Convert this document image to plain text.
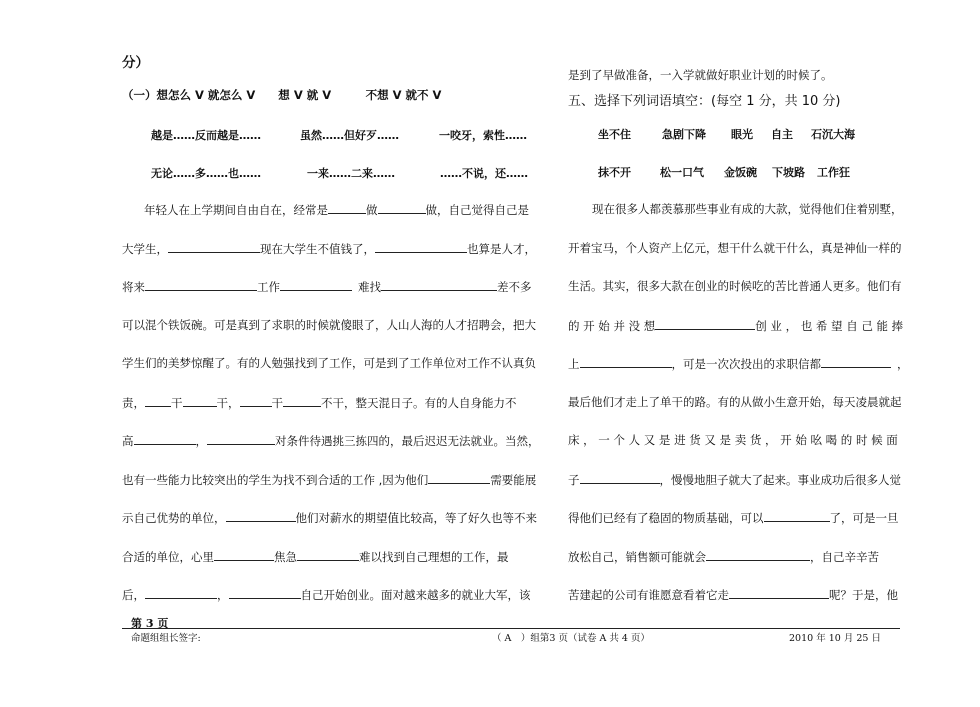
分）
（一）想怎么 V 就怎么 V　　想 V 就 V　　　不想 V 就不 V
越是……反而越是……	虽然……但好歹……	一咬牙，索性……
无论……多……也……	一来……二来……	……不说，还……
年轻人在上学期间自由自在，经常是	做	做，自己觉得自己是
大学生，	现在大学生不值钱了，	也算是人才，
将来	工作	难找	差不多
可以混个铁饭碗。可是真到了求职的时候就傻眼了，人山人海的人才招聘会，把大
学生们的美梦惊醒了。有的人勉强找到了工作，可是到了工作单位对工作不认真负
责， 干	干，	干	不干，整天混日子。有的人自身能力不
高	，	对条件待遇挑三拣四的，最后迟迟无法就业。当然，
也有一些能力比较突出的学生为找不到合适的工作 ,因为他们	需要能展
示自己优势的单位，	他们对薪水的期望值比较高，等了好久也等不来
合适的单位，心里	焦急	难以找到自己理想的工作，最
后，	，	自己开始创业。面对越来越多的就业大军，该
是到了早做准备，一入学就做好职业计划的时候了。
五、选择下列词语填空：(每空 1 分，共 10 分)
坐不住	急剧下降 眼光 自主 石沉大海
抹不开	松一口气 金饭碗 下坡路 工作狂
现在很多人都羡慕那些事业有成的大款，觉得他们住着别墅，
开着宝马，个人资产上亿元，想干什么就干什么，真是神仙一样的
生活。其实，很多大款在创业的时候吃的苦比普通人更多。他们有
的 开 始 并 没 想	创 业 ， 也 希 望 自 己 能 捧
上	，可是一次次投出的求职信都	，
最后他们才走上了单干的路。有的从做小生意开始，每天凌晨就起
床 ， 一 个 人 又 是 进 货 又 是 卖 货 ， 开 始 吆 喝 的 时 候 面
子	，慢慢地胆子就大了起来。事业成功后很多人觉
得他们已经有了稳固的物质基础，可以	了，可是一旦
放松自己，销售额可能就会	，自己辛辛苦
苦建起的公司有谁愿意看着它走	呢？于是，他
第 3 页
命题组组长签字:	（ A　）组第3 页（试卷 A 共 4 页）	2010 年 10 月 25 日
